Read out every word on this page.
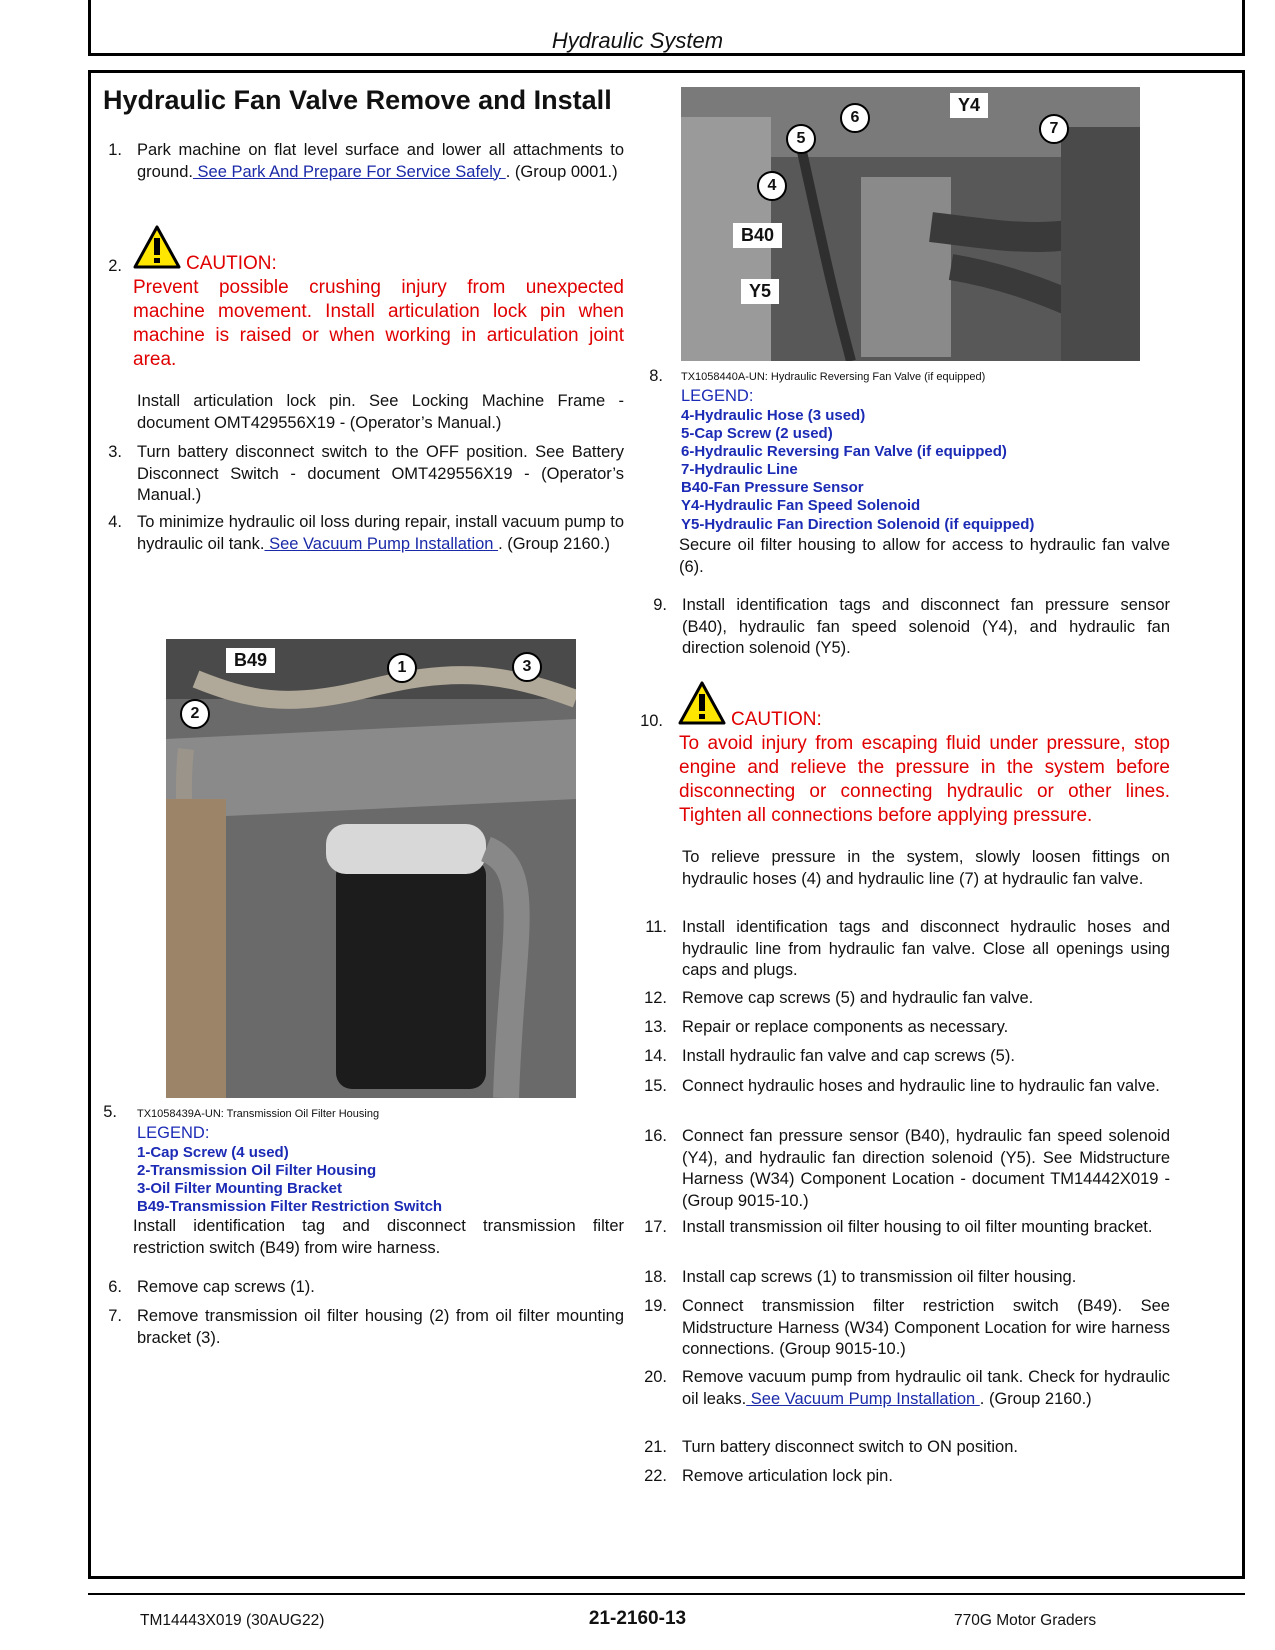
Hydraulic System
Hydraulic Fan Valve Remove and Install
1. Park machine on flat level surface and lower all attachments to ground. See Park And Prepare For Service Safely . (Group 0001.)
2.	CAUTION:
Prevent possible crushing injury from unexpected machine movement. Install articulation lock pin when machine is raised or when working in articulation joint area.
Install articulation lock pin. See Locking Machine Frame - document OMT429556X19 - (Operator’s Manual.)
3. Turn battery disconnect switch to the OFF position. See Battery Disconnect Switch - document OMT429556X19 - (Operator’s Manual.)
4. To minimize hydraulic oil loss during repair, install vacuum pump to hydraulic oil tank. See Vacuum Pump Installation . (Group 2160.)
B49	1
2
3
5. TX1058439A-UN: Transmission Oil Filter Housing
LEGEND:
1-Cap Screw (4 used)
2-Transmission Oil Filter Housing
3-Oil Filter Mounting Bracket
B49-Transmission Filter Restriction Switch
Install identification tag and disconnect transmission filter restriction switch (B49) from wire harness.
6. Remove cap screws (1).
7. Remove transmission oil filter housing (2) from oil filter mounting bracket (3).
Y4
6
5
7
4
B40
Y5
8. TX1058440A-UN: Hydraulic Reversing Fan Valve (if equipped)
LEGEND:
4-Hydraulic Hose (3 used)
5-Cap Screw (2 used)
6-Hydraulic Reversing Fan Valve (if equipped)
7-Hydraulic Line
B40-Fan Pressure Sensor
Y4-Hydraulic Fan Speed Solenoid
Y5-Hydraulic Fan Direction Solenoid (if equipped)
Secure oil filter housing to allow for access to hydraulic fan valve (6).
9. Install identification tags and disconnect fan pressure sensor (B40), hydraulic fan speed solenoid (Y4), and hydraulic fan direction solenoid (Y5).
10.	CAUTION:
To avoid injury from escaping fluid under pressure, stop engine and relieve the pressure in the system before disconnecting or connecting hydraulic or other lines. Tighten all connections before applying pressure.
To relieve pressure in the system, slowly loosen fittings on hydraulic hoses (4) and hydraulic line (7) at hydraulic fan valve.
11. Install identification tags and disconnect hydraulic hoses and hydraulic line from hydraulic fan valve. Close all openings using caps and plugs.
12. Remove cap screws (5) and hydraulic fan valve.
13. Repair or replace components as necessary.
14. Install hydraulic fan valve and cap screws (5).
15. Connect hydraulic hoses and hydraulic line to hydraulic fan valve.
16. Connect fan pressure sensor (B40), hydraulic fan speed solenoid (Y4), and hydraulic fan direction solenoid (Y5). See Midstructure Harness (W34) Component Location - document TM14442X019 - (Group 9015-10.)
17. Install transmission oil filter housing to oil filter mounting bracket.
18. Install cap screws (1) to transmission oil filter housing.
19. Connect transmission filter restriction switch (B49). See Midstructure Harness (W34) Component Location for wire harness connections. (Group 9015-10.)
20. Remove vacuum pump from hydraulic oil tank. Check for hydraulic oil leaks. See Vacuum Pump Installation . (Group 2160.)
21. Turn battery disconnect switch to ON position.
22. Remove articulation lock pin.
TM14443X019 (30AUG22)	21-2160-13	770G Motor Graders
